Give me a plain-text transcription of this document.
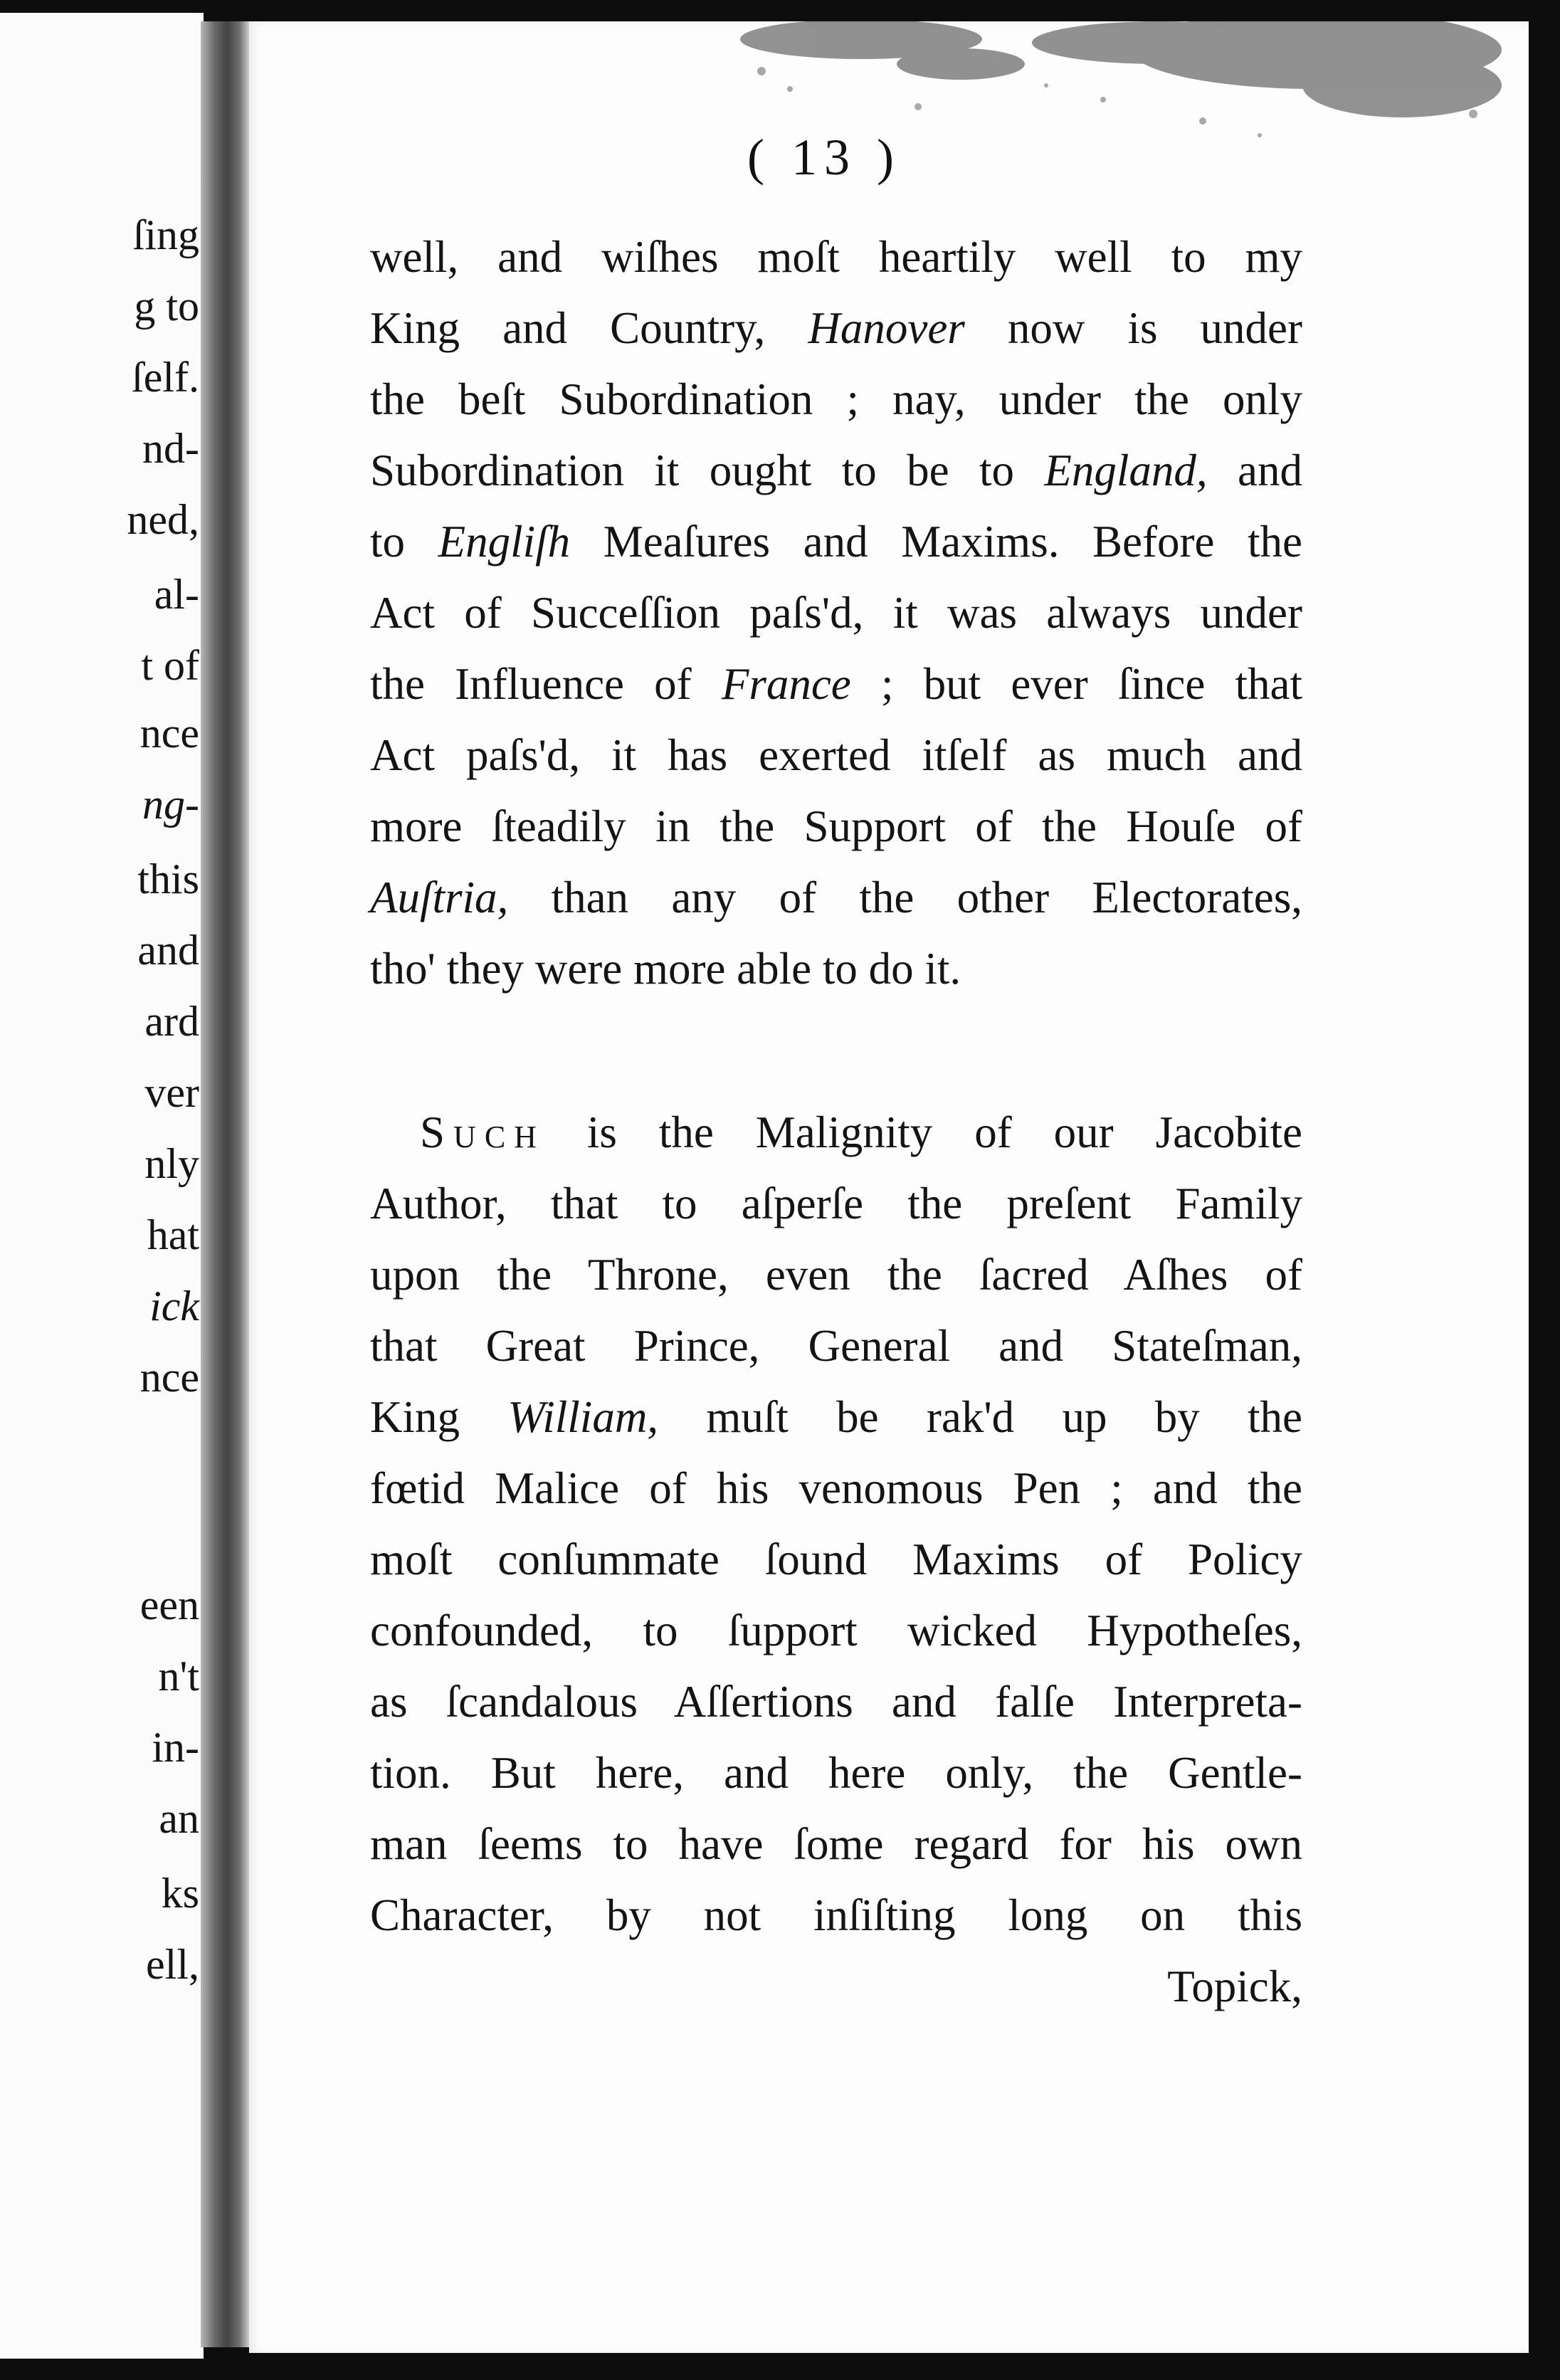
ſing
g to
ſelf.
nd-
ned,
al-
t of
nce
ng-
this
and
ard
ver
nly
hat
ick
nce
een
n't
in-
an
ks
ell,
( 13 )
well, and wiſhes moſt heartily well to my
King and Country, Hanover now is under
the beſt Subordination ; nay, under the only
Subordination it ought to be to England, and
to Engliſh Meaſures and Maxims. Before the
Act of Succeſſion paſs'd, it was always under
the Influence of France ; but ever ſince that
Act paſs'd, it has exerted itſelf as much and
more ſteadily in the Support of the Houſe of
Auſtria, than any of the other Electorates,
tho' they were more able to do it.
Such is the Malignity of our Jacobite
Author, that to aſperſe the preſent Family
upon the Throne, even the ſacred Aſhes of
that Great Prince, General and Stateſman,
King William, muſt be rak'd up by the
fœtid Malice of his venomous Pen ; and the
moſt conſummate ſound Maxims of Policy
confounded, to ſupport wicked Hypotheſes,
as ſcandalous Aſſertions and falſe Interpreta-
tion. But here, and here only, the Gentle-
man ſeems to have ſome regard for his own
Character, by not inſiſting long on this
Topick,
